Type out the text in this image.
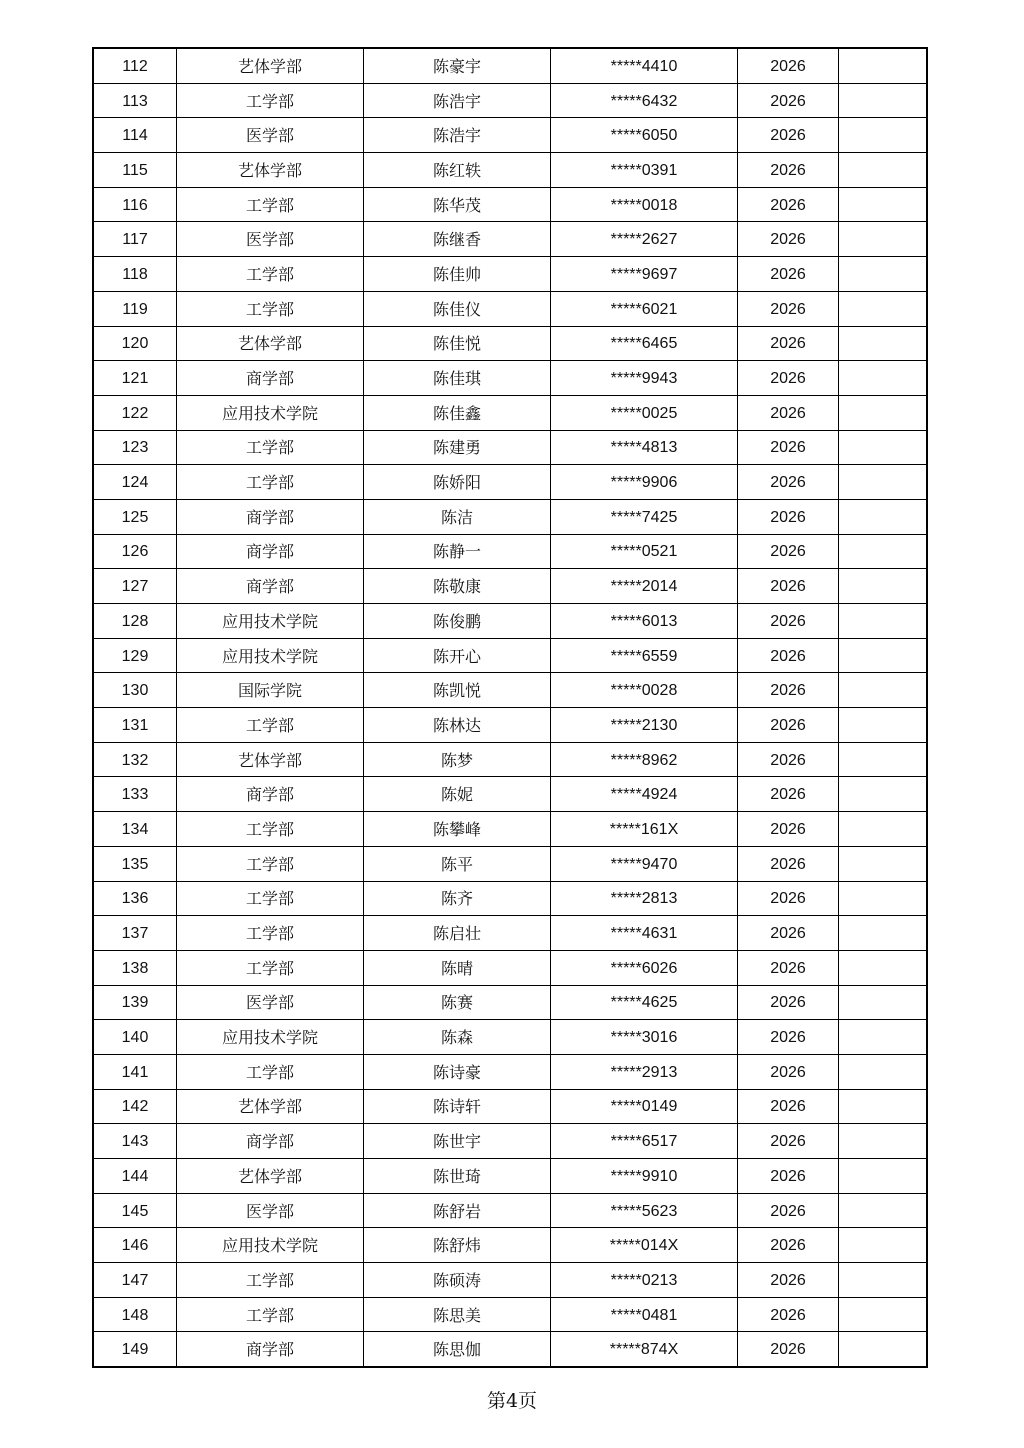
112	艺体学部	陈豪宇	*****4410	2026	
113	工学部	陈浩宇	*****6432	2026	
114	医学部	陈浩宇	*****6050	2026	
115	艺体学部	陈红轶	*****0391	2026	
116	工学部	陈华茂	*****0018	2026	
117	医学部	陈继香	*****2627	2026	
118	工学部	陈佳帅	*****9697	2026	
119	工学部	陈佳仪	*****6021	2026	
120	艺体学部	陈佳悦	*****6465	2026	
121	商学部	陈佳琪	*****9943	2026	
122	应用技术学院	陈佳鑫	*****0025	2026	
123	工学部	陈建勇	*****4813	2026	
124	工学部	陈娇阳	*****9906	2026	
125	商学部	陈洁	*****7425	2026	
126	商学部	陈静一	*****0521	2026	
127	商学部	陈敬康	*****2014	2026	
128	应用技术学院	陈俊鹏	*****6013	2026	
129	应用技术学院	陈开心	*****6559	2026	
130	国际学院	陈凯悦	*****0028	2026	
131	工学部	陈林达	*****2130	2026	
132	艺体学部	陈梦	*****8962	2026	
133	商学部	陈妮	*****4924	2026	
134	工学部	陈攀峰	*****161X	2026	
135	工学部	陈平	*****9470	2026	
136	工学部	陈齐	*****2813	2026	
137	工学部	陈启壮	*****4631	2026	
138	工学部	陈晴	*****6026	2026	
139	医学部	陈赛	*****4625	2026	
140	应用技术学院	陈森	*****3016	2026	
141	工学部	陈诗豪	*****2913	2026	
142	艺体学部	陈诗轩	*****0149	2026	
143	商学部	陈世宇	*****6517	2026	
144	艺体学部	陈世琦	*****9910	2026	
145	医学部	陈舒岩	*****5623	2026	
146	应用技术学院	陈舒炜	*****014X	2026	
147	工学部	陈硕涛	*****0213	2026	
148	工学部	陈思美	*****0481	2026	
149	商学部	陈思伽	*****874X	2026	
第4页
